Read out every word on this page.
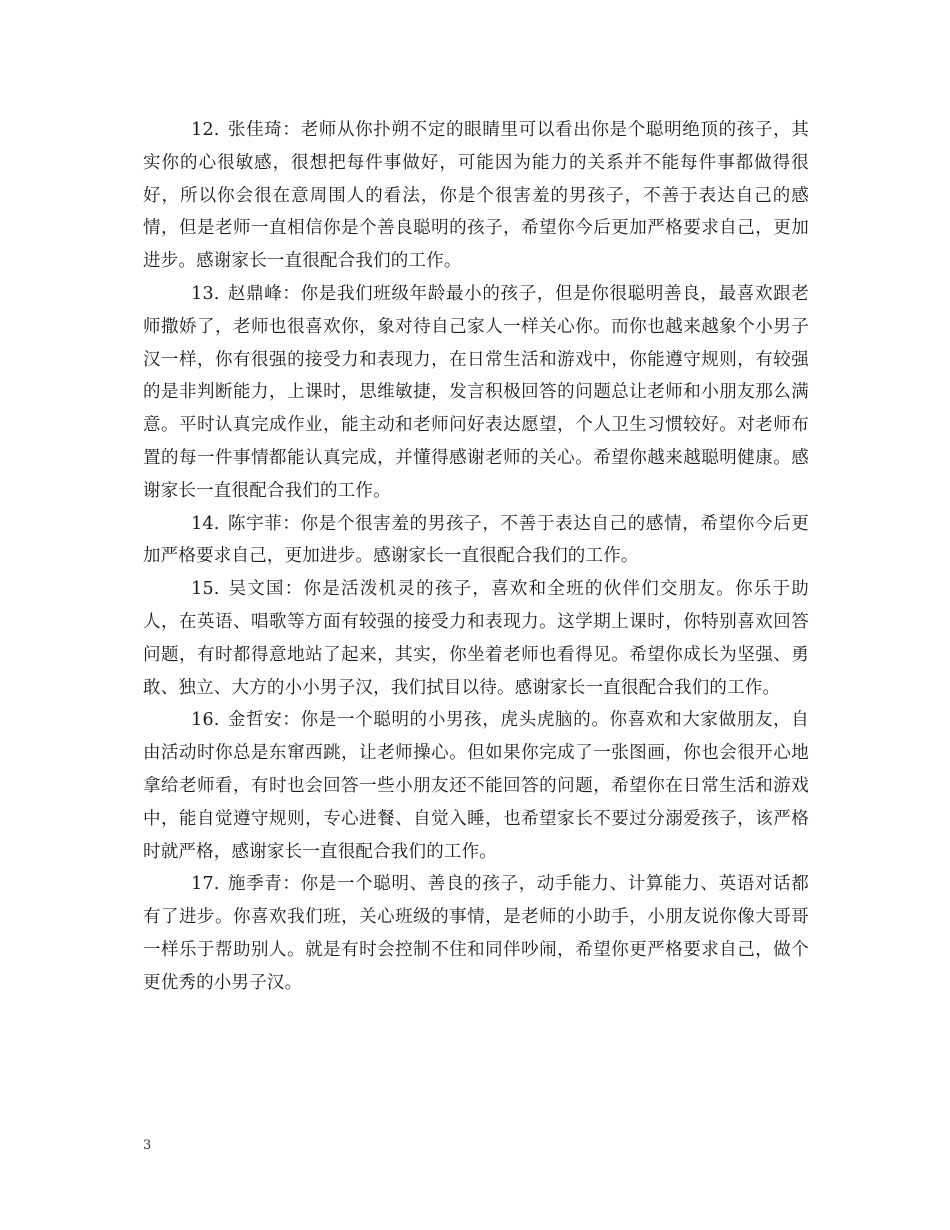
12. 张佳琦：老师从你扑朔不定的眼睛里可以看出你是个聪明绝顶的孩子，其实你的心很敏感，很想把每件事做好，可能因为能力的关系并不能每件事都做得很好，所以你会很在意周围人的看法，你是个很害羞的男孩子，不善于表达自己的感情，但是老师一直相信你是个善良聪明的孩子，希望你今后更加严格要求自己，更加进步。感谢家长一直很配合我们的工作。

13. 赵鼎峰：你是我们班级年龄最小的孩子，但是你很聪明善良，最喜欢跟老师撒娇了，老师也很喜欢你，象对待自己家人一样关心你。而你也越来越象个小男子汉一样，你有很强的接受力和表现力，在日常生活和游戏中，你能遵守规则，有较强的是非判断能力，上课时，思维敏捷，发言积极回答的问题总让老师和小朋友那么满意。平时认真完成作业，能主动和老师问好表达愿望，个人卫生习惯较好。对老师布置的每一件事情都能认真完成，并懂得感谢老师的关心。希望你越来越聪明健康。感谢家长一直很配合我们的工作。

14. 陈宇菲：你是个很害羞的男孩子，不善于表达自己的感情，希望你今后更加严格要求自己，更加进步。感谢家长一直很配合我们的工作。

15. 吴文国：你是活泼机灵的孩子，喜欢和全班的伙伴们交朋友。你乐于助人，在英语、唱歌等方面有较强的接受力和表现力。这学期上课时，你特别喜欢回答问题，有时都得意地站了起来，其实，你坐着老师也看得见。希望你成长为坚强、勇敢、独立、大方的小小男子汉，我们拭目以待。感谢家长一直很配合我们的工作。

16. 金哲安：你是一个聪明的小男孩，虎头虎脑的。你喜欢和大家做朋友，自由活动时你总是东窜西跳，让老师操心。但如果你完成了一张图画，你也会很开心地拿给老师看，有时也会回答一些小朋友还不能回答的问题，希望你在日常生活和游戏中，能自觉遵守规则，专心进餐、自觉入睡，也希望家长不要过分溺爱孩子，该严格时就严格，感谢家长一直很配合我们的工作。

17. 施季青：你是一个聪明、善良的孩子，动手能力、计算能力、英语对话都有了进步。你喜欢我们班，关心班级的事情，是老师的小助手，小朋友说你像大哥哥一样乐于帮助别人。就是有时会控制不住和同伴吵闹，希望你更严格要求自己，做个更优秀的小男子汉。

3
